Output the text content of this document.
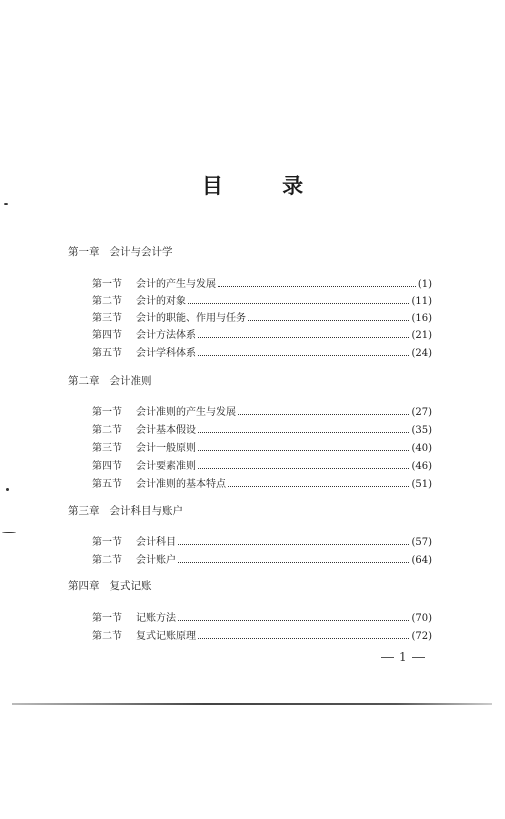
目 录
第一章 会计与会计学
第一节	会计的产生与发展	(1)
第二节	会计的对象	(11)
第三节	会计的职能、作用与任务	(16)
第四节	会计方法体系	(21)
第五节	会计学科体系	(24)
第二章 会计准则
第一节	会计准则的产生与发展	(27)
第二节	会计基本假设	(35)
第三节	会计一般原则	(40)
第四节	会计要素准则	(46)
第五节	会计准则的基本特点	(51)
第三章 会计科目与账户
第一节	会计科目	(57)
第二节	会计账户	(64)
第四章 复式记账
第一节	记账方法	(70)
第二节	复式记账原理	(72)
1
